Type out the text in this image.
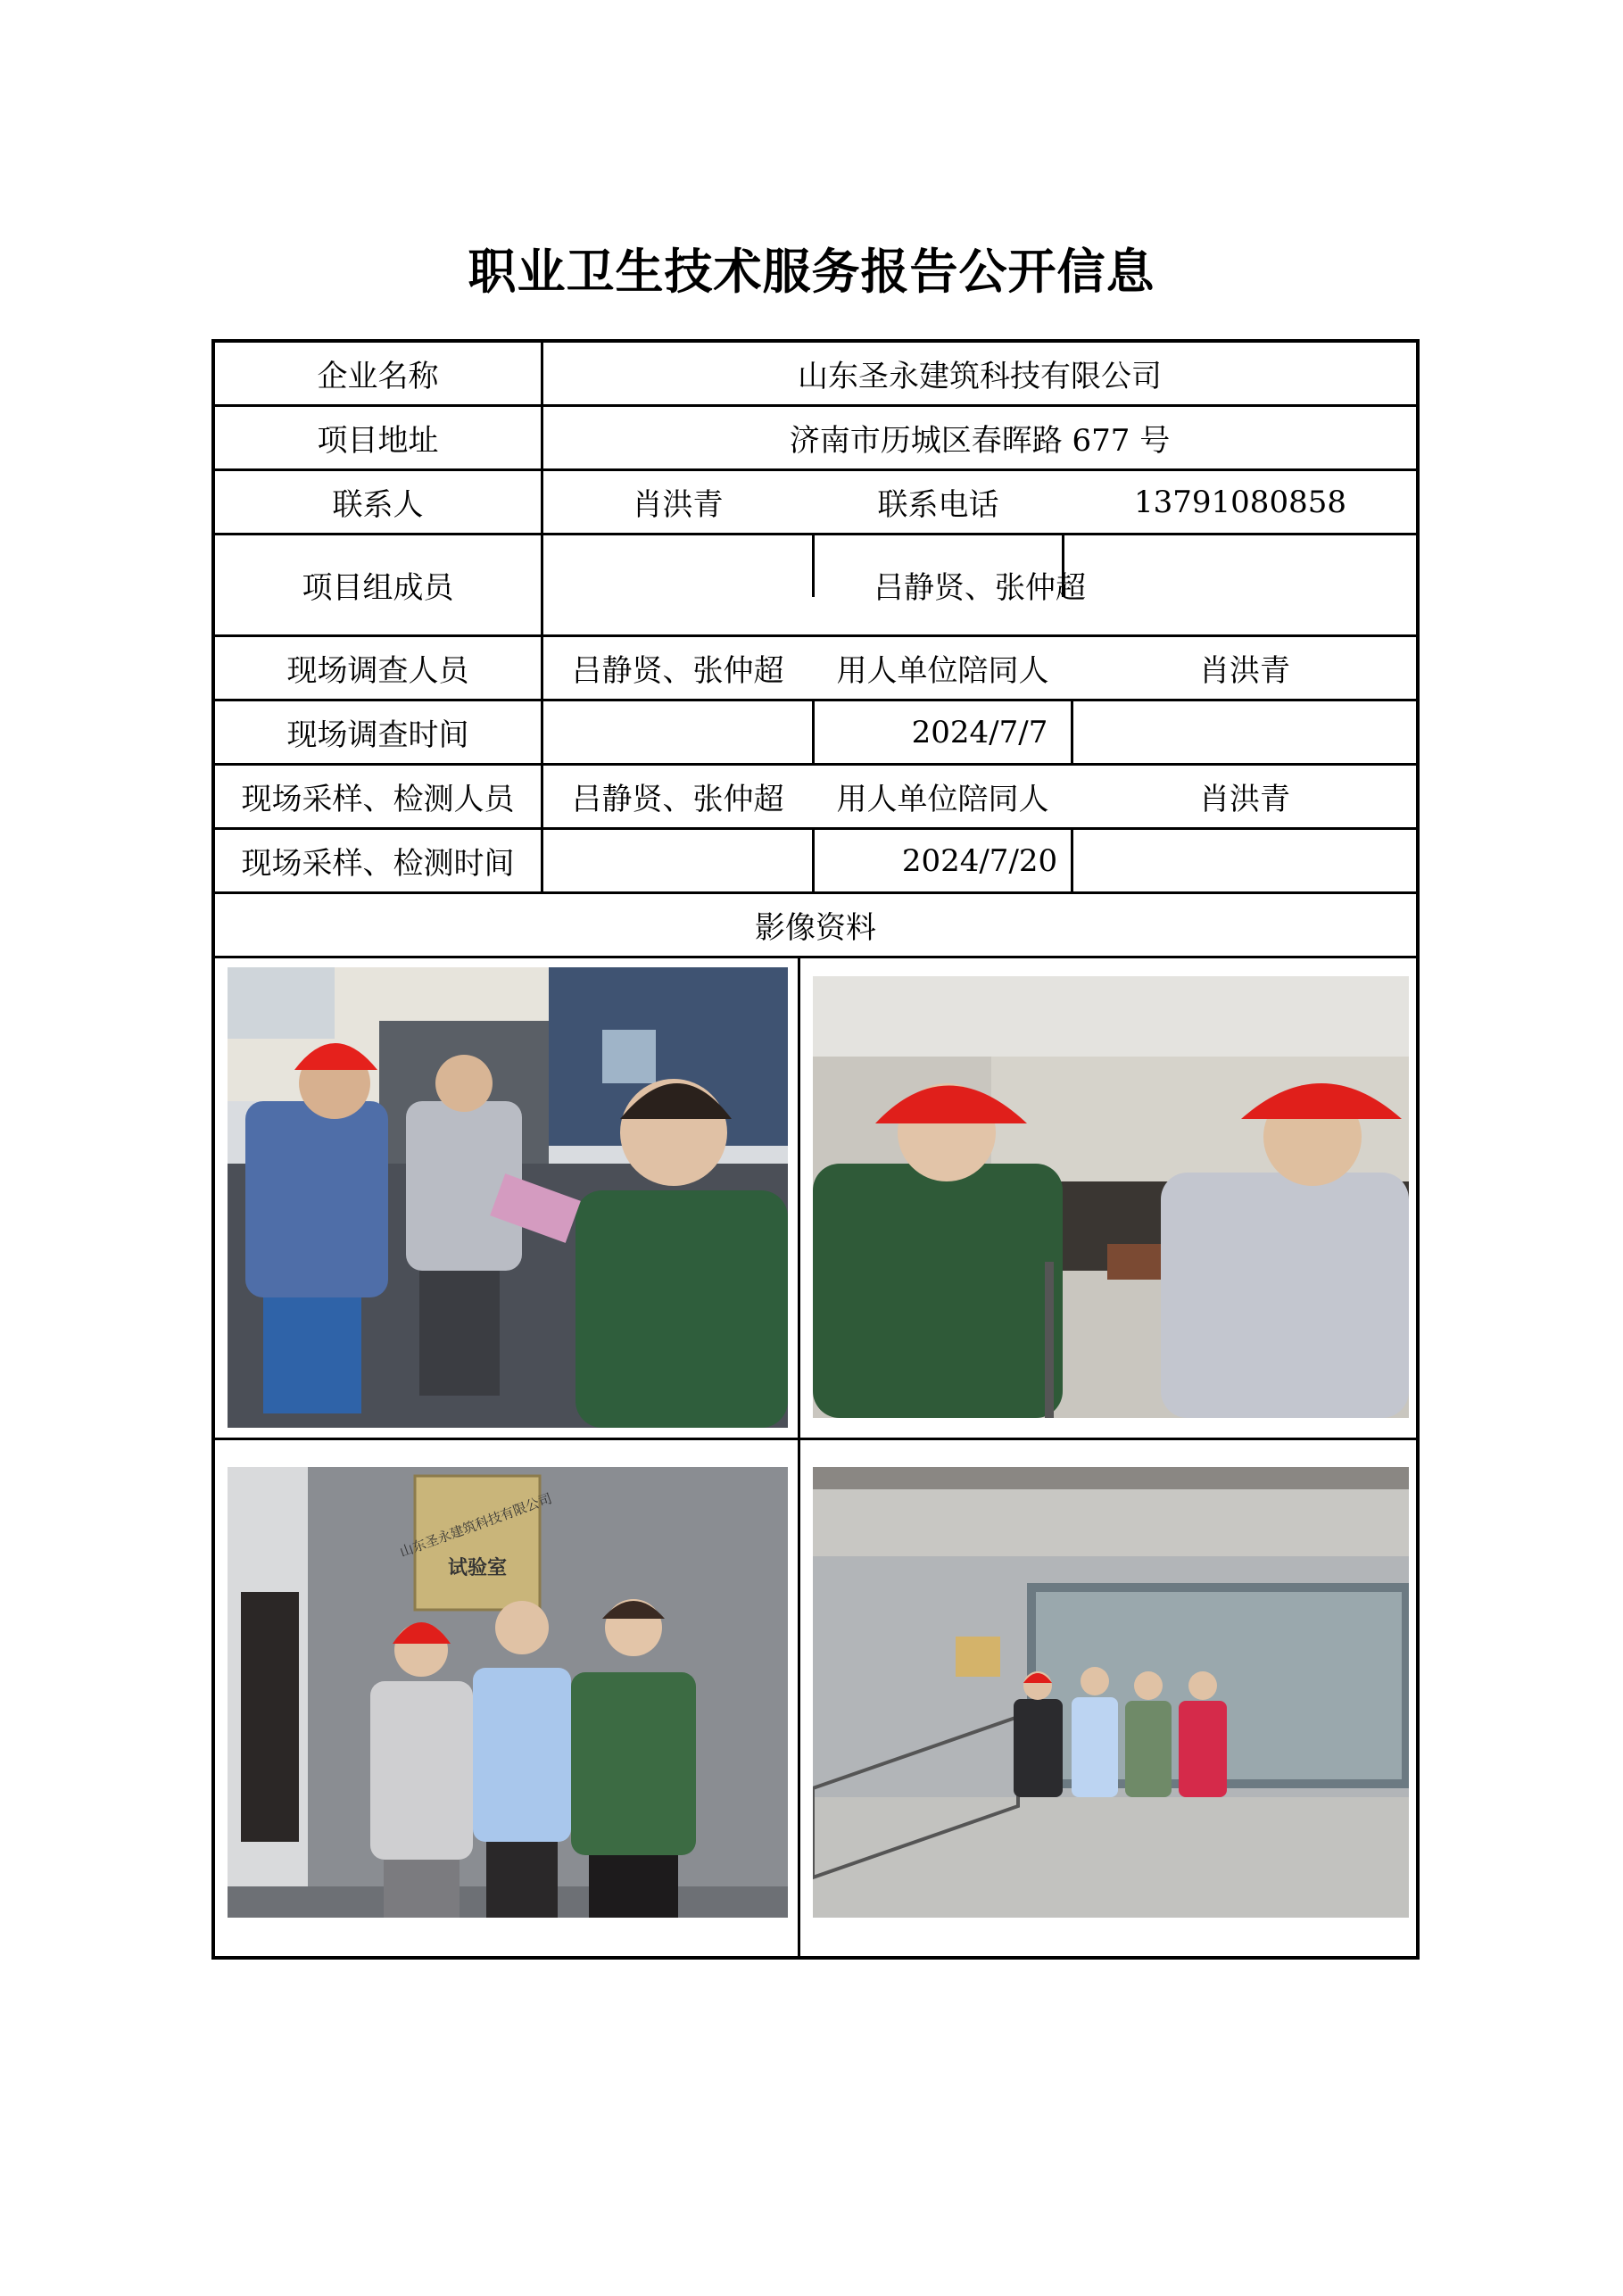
职业卫生技术服务报告公开信息
企业名称	山东圣永建筑科技有限公司
项目地址	济南市历城区春晖路 677 号
联系人	肖洪青	联系电话	13791080858
项目组成员	吕静贤、张仲超
现场调查人员	吕静贤、张仲超	用人单位陪同人	肖洪青
现场调查时间	2024/7/7
现场采样、检测人员	吕静贤、张仲超	用人单位陪同人	肖洪青
现场采样、检测时间	2024/7/20
影像资料
山东圣永建筑科技有限公司
试验室
